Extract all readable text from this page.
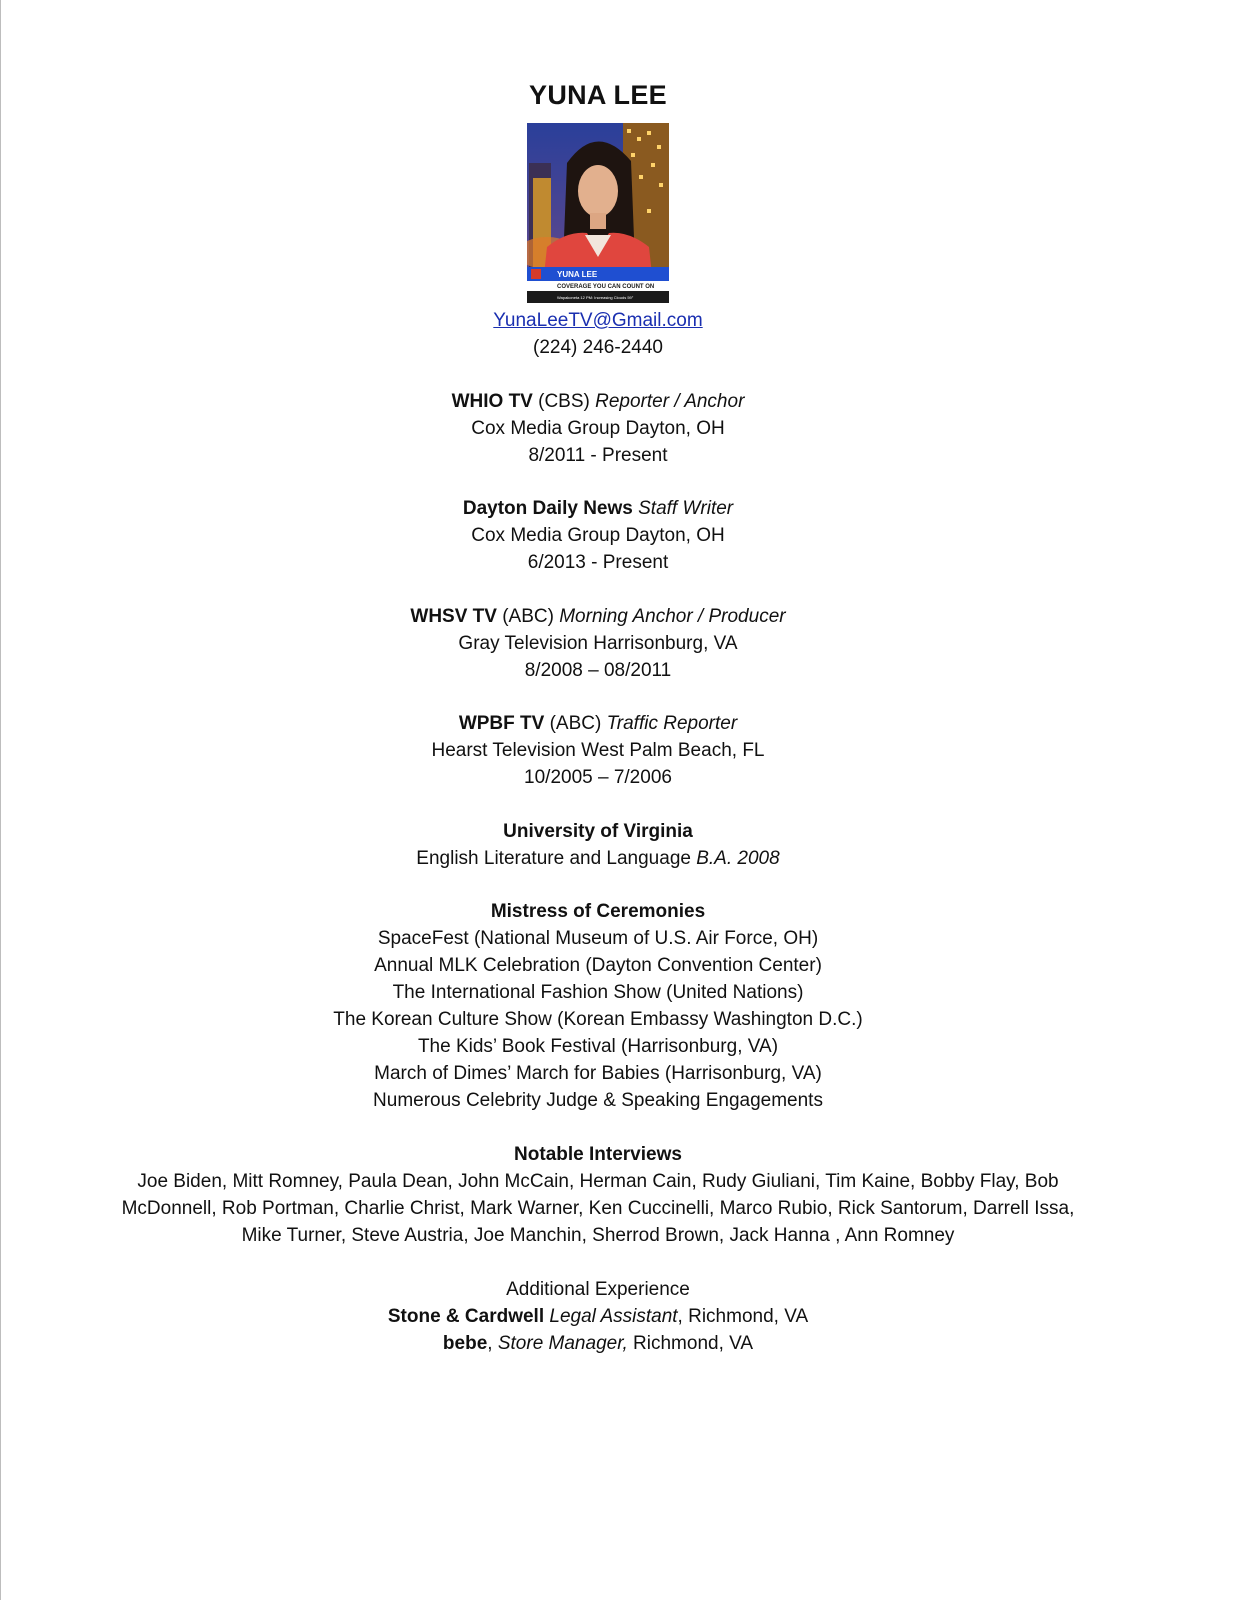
YUNA LEE
YUNA LEE
COVERAGE YOU CAN COUNT ON
Wapakoneta 12 PM: Increasing Clouds 59°
YunaLeeTV@Gmail.com
(224) 246-2440
WHIO TV (CBS) Reporter / Anchor
Cox Media Group Dayton, OH
8/2011 - Present
Dayton Daily News Staff Writer
Cox Media Group Dayton, OH
6/2013 - Present
WHSV TV (ABC) Morning Anchor / Producer
Gray Television Harrisonburg, VA
8/2008 – 08/2011
WPBF TV (ABC) Traffic Reporter
Hearst Television West Palm Beach, FL
10/2005 – 7/2006
University of Virginia
English Literature and Language B.A. 2008
Mistress of Ceremonies
SpaceFest (National Museum of U.S. Air Force, OH)
Annual MLK Celebration (Dayton Convention Center)
The International Fashion Show (United Nations)
The Korean Culture Show (Korean Embassy Washington D.C.)
The Kids’ Book Festival (Harrisonburg, VA)
March of Dimes’ March for Babies (Harrisonburg, VA)
Numerous Celebrity Judge & Speaking Engagements
Notable Interviews
Joe Biden, Mitt Romney, Paula Dean, John McCain, Herman Cain, Rudy Giuliani, Tim Kaine, Bobby Flay, Bob
McDonnell, Rob Portman, Charlie Christ, Mark Warner, Ken Cuccinelli, Marco Rubio, Rick Santorum, Darrell Issa,
Mike Turner, Steve Austria, Joe Manchin, Sherrod Brown, Jack Hanna , Ann Romney
Additional Experience
Stone & Cardwell Legal Assistant, Richmond, VA
bebe, Store Manager, Richmond, VA
